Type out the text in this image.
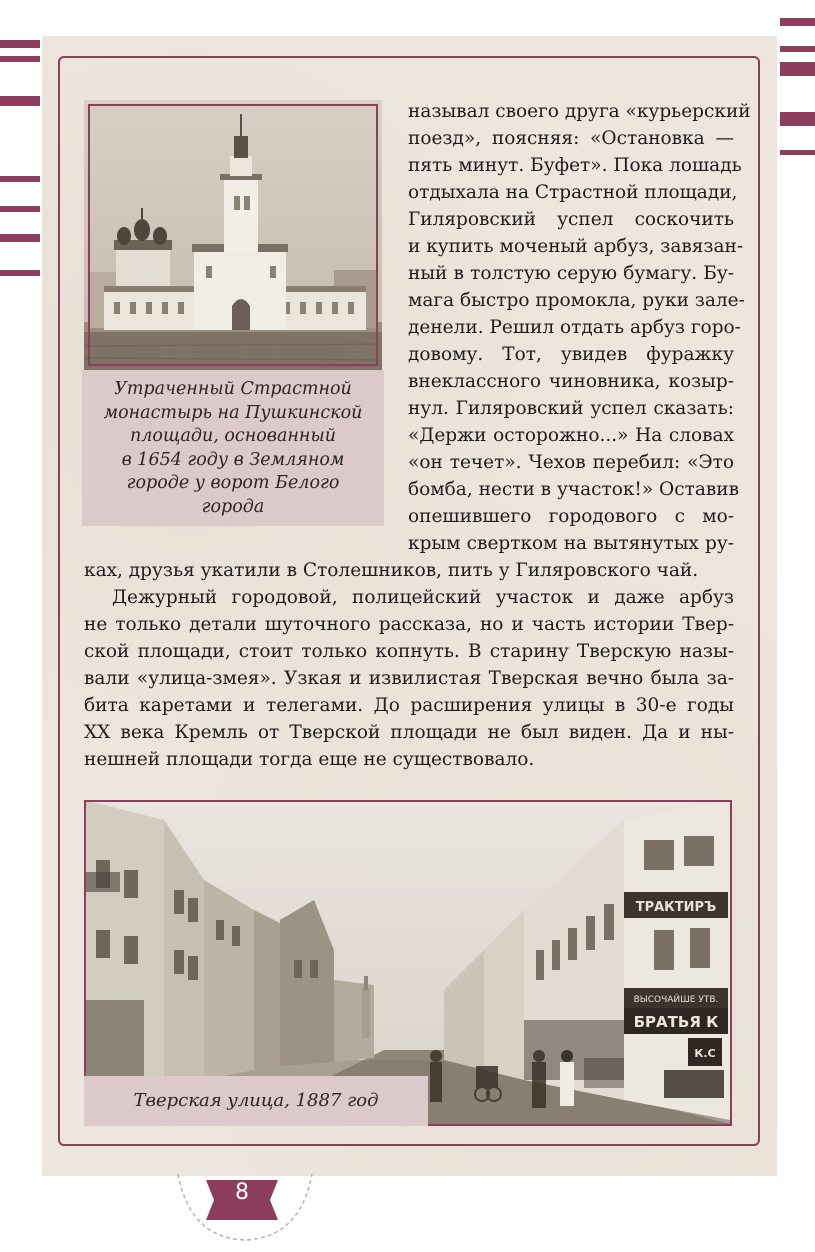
Утраченный Страстной
монастырь на Пушкинской
площади, основанный
в 1654 году в Земляном
городе у ворот Белого
города
называл своего друга «курьерский
поезд», поясняя: «Остановка —
пять минут. Буфет». Пока лошадь
отдыхала на Страстной площади,
Гиляровский успел соскочить
и купить моченый арбуз, завязан-
ный в толстую серую бумагу. Бу-
мага быстро промокла, руки зале-
денели. Решил отдать арбуз горо-
довому. Тот, увидев фуражку
внеклассного чиновника, козыр-
нул. Гиляровский успел сказать:
«Держи осторожно...» На словах
«он течет». Чехов перебил: «Это
бомба, нести в участок!» Оставив
опешившего городового с мо-
крым свертком на вытянутых ру-
ках, друзья укатили в Столешников, пить у Гиляровского чай.
Дежурный городовой, полицейский участок и даже арбуз
не только детали шуточного рассказа, но и часть истории Твер-
ской площади, стоит только копнуть. В старину Тверскую назы-
вали «улица-змея». Узкая и извилистая Тверская вечно была за-
бита каретами и телегами. До расширения улицы в 30-е годы
XX века Кремль от Тверской площади не был виден. Да и ны-
нешней площади тогда еще не существовало.
ТРАКТИРЪ
ВЫСОЧАЙШЕ УТВ.
БРАТЬЯ К
К.С
Тверская улица, 1887 год
8
